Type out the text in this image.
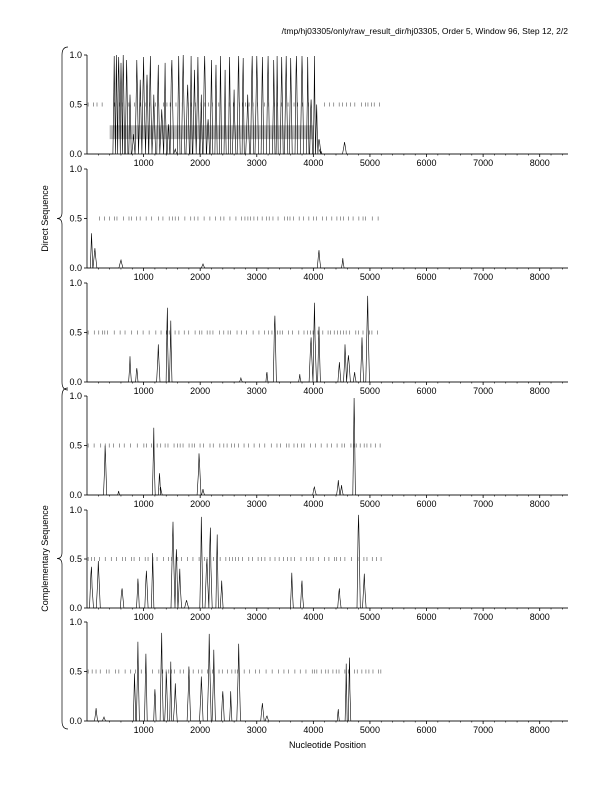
/tmp/hj03305/only/raw_result_dir/hj03305, Order 5, Window 96, Step 12, 2/2
0.0
0.5
1.0
1000	2000	3000	4000	5000	6000	7000	8000
0.0
0.5
1.0
1000	2000	3000	4000	5000	6000	7000	8000
0.0
0.5
1.0
1000	2000	3000	4000	5000	6000	7000	8000
0.0
0.5
1.0
1000	2000	3000	4000	5000	6000	7000	8000
0.0
0.5
1.0
1000	2000	3000	4000	5000	6000	7000	8000
0.0
0.5
1.0
1000	2000	3000	4000	5000	6000	7000	8000
Direct Sequence
Complementary Sequence
Nucleotide Position
